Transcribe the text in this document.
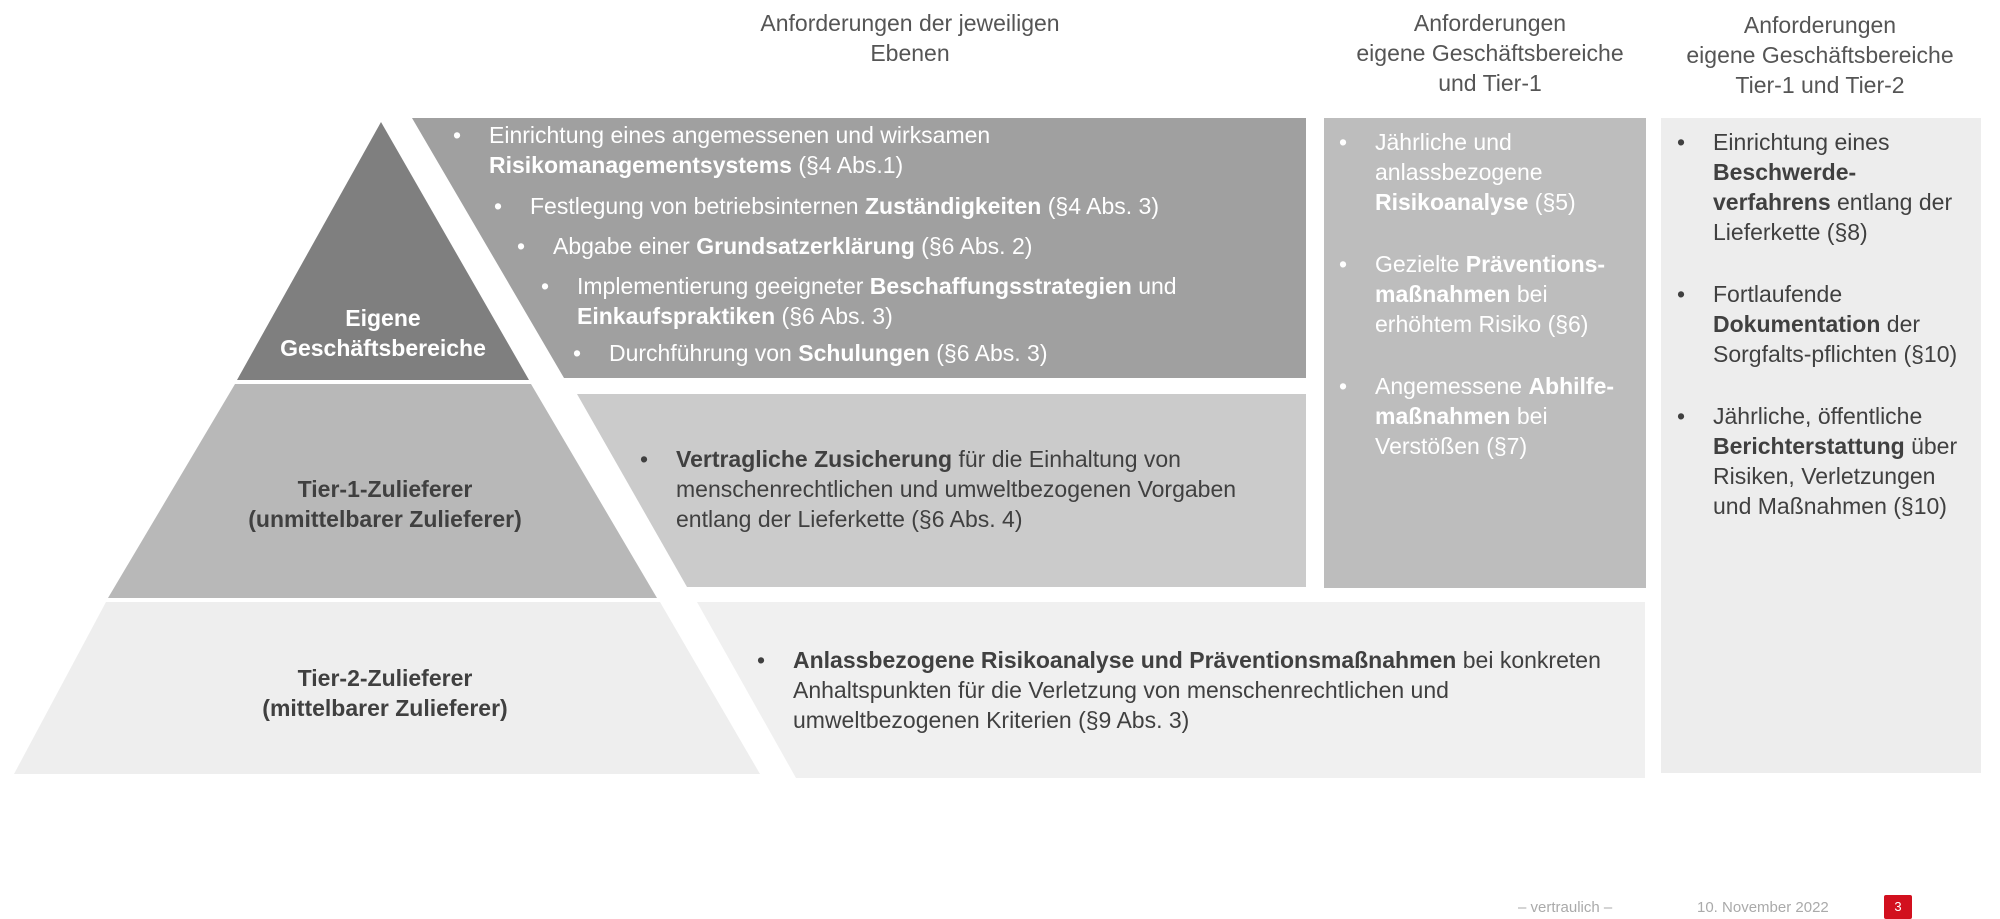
Anforderungen der jeweiligen
Ebenen
Anforderungen
eigene Geschäftsbereiche
und Tier-1
Anforderungen
eigene Geschäftsbereiche
Tier-1 und Tier-2
Eigene
Geschäftsbereiche
Tier-1-Zulieferer
(unmittelbarer Zulieferer)
Tier-2-Zulieferer
(mittelbarer Zulieferer)
• Einrichtung eines angemessenen und wirksamen Risikomanagementsystems (§4 Abs.1)
• Festlegung von betriebsinternen Zuständigkeiten (§4 Abs. 3)
• Abgabe einer Grundsatzerklärung (§6 Abs. 2)
• Implementierung geeigneter Beschaffungsstrategien und Einkaufspraktiken (§6 Abs. 3)
• Durchführung von Schulungen (§6 Abs. 3)
• Vertragliche Zusicherung für die Einhaltung von menschenrechtlichen und umweltbezogenen Vorgaben entlang der Lieferkette (§6 Abs. 4)
• Anlassbezogene Risikoanalyse und Präventionsmaßnahmen bei konkreten Anhaltspunkten für die Verletzung von menschenrechtlichen und umweltbezogenen Kriterien (§9 Abs. 3)
• Jährliche und anlassbezogene Risikoanalyse (§5)
• Gezielte Präventions-maßnahmen bei erhöhtem Risiko (§6)
• Angemessene Abhilfe-maßnahmen bei Verstößen (§7)
• Einrichtung eines Beschwerde-verfahrens entlang der Lieferkette (§8)
• Fortlaufende Dokumentation der Sorgfalts-pflichten (§10)
• Jährliche, öffentliche Berichterstattung über Risiken, Verletzungen und Maßnahmen (§10)
– vertraulich –	10. November 2022	3
